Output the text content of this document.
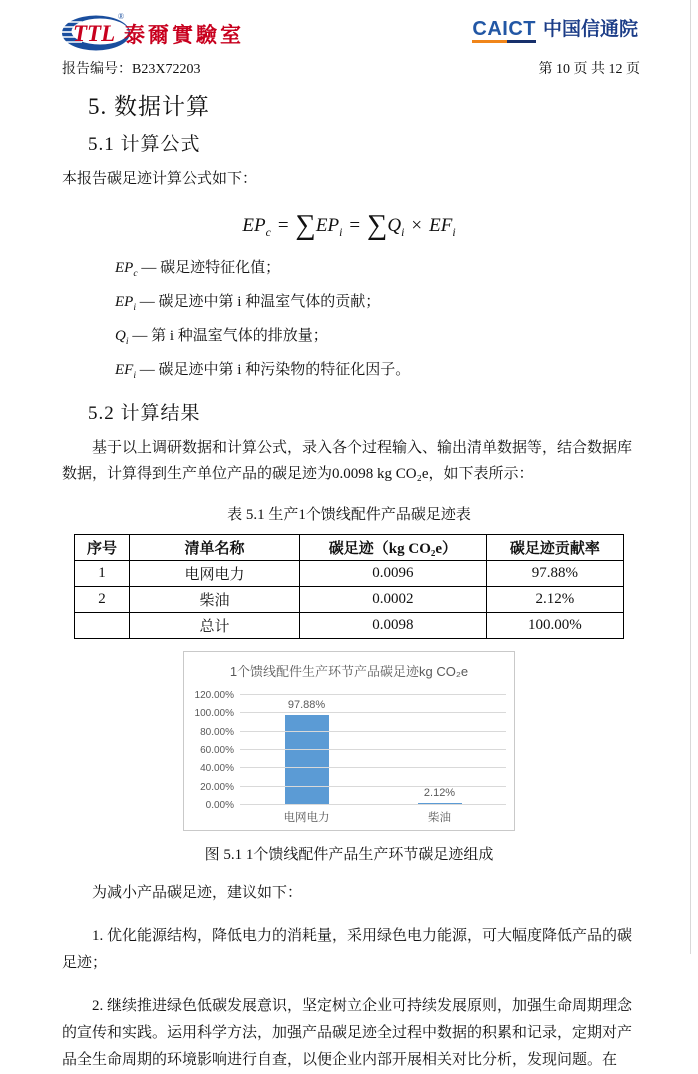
TTL
®
泰爾實驗室	CAICT 中国信通院
报告编号：B23X72203	第 10 页 共 12 页
5. 数据计算
5.1 计算公式
本报告碳足迹计算公式如下：
$EP_c = \sum EP_i = \sum Q_i \times EF_i$
$EP_c$ — 碳足迹特征化值；
$EP_i$ — 碳足迹中第 i 种温室气体的贡献；
$Q_i$ — 第 i 种温室气体的排放量；
$EF_i$ — 碳足迹中第 i 种污染物的特征化因子。
5.2 计算结果
基于以上调研数据和计算公式，录入各个过程输入、输出清单数据等，结合数据库数据，计算得到生产单位产品的碳足迹为0.0098 kg CO₂e，如下表所示：
表 5.1 生产1个馈线配件产品碳足迹表
序号	清单名称	碳足迹（kg CO₂e）	碳足迹贡献率
1	电网电力	0.0096	97.88%
2	柴油	0.0002	2.12%
	总计	0.0098	100.00%
1个馈线配件生产环节产品碳足迹kg CO₂e
0.00%
20.00%
40.00%
60.00%
80.00%
100.00%
120.00%
97.88%
2.12%
电网电力	柴油
图 5.1 1个馈线配件产品生产环节碳足迹组成
为减小产品碳足迹，建议如下：
1. 优化能源结构，降低电力的消耗量，采用绿色电力能源，可大幅度降低产品的碳足迹；
2. 继续推进绿色低碳发展意识，坚定树立企业可持续发展原则，加强生命周期理念的宣传和实践。运用科学方法，加强产品碳足迹全过程中数据的积累和记录，定期对产品全生命周期的环境影响进行自查，以便企业内部开展相关对比分析，发现问题。在
